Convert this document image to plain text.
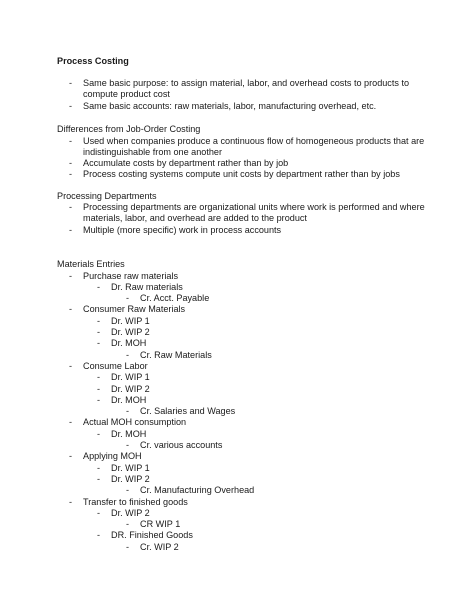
Process Costing
- Same basic purpose: to assign material, labor, and overhead costs to products to
compute product cost
- Same basic accounts: raw materials, labor, manufacturing overhead, etc.
Differences from Job-Order Costing
- Used when companies produce a continuous flow of homogeneous products that are
indistinguishable from one another
- Accumulate costs by department rather than by job
- Process costing systems compute unit costs by department rather than by jobs
Processing Departments
- Processing departments are organizational units where work is performed and where
materials, labor, and overhead are added to the product
- Multiple (more specific) work in process accounts
Materials Entries
- Purchase raw materials
- Dr. Raw materials
- Cr. Acct. Payable
- Consumer Raw Materials
- Dr. WIP 1
- Dr. WIP 2
- Dr. MOH
- Cr. Raw Materials
- Consume Labor
- Dr. WIP 1
- Dr. WIP 2
- Dr. MOH
- Cr. Salaries and Wages
- Actual MOH consumption
- Dr. MOH
- Cr. various accounts
- Applying MOH
- Dr. WIP 1
- Dr. WIP 2
- Cr. Manufacturing Overhead
- Transfer to finished goods
- Dr. WIP 2
- CR WIP 1
- DR. Finished Goods
- Cr. WIP 2
